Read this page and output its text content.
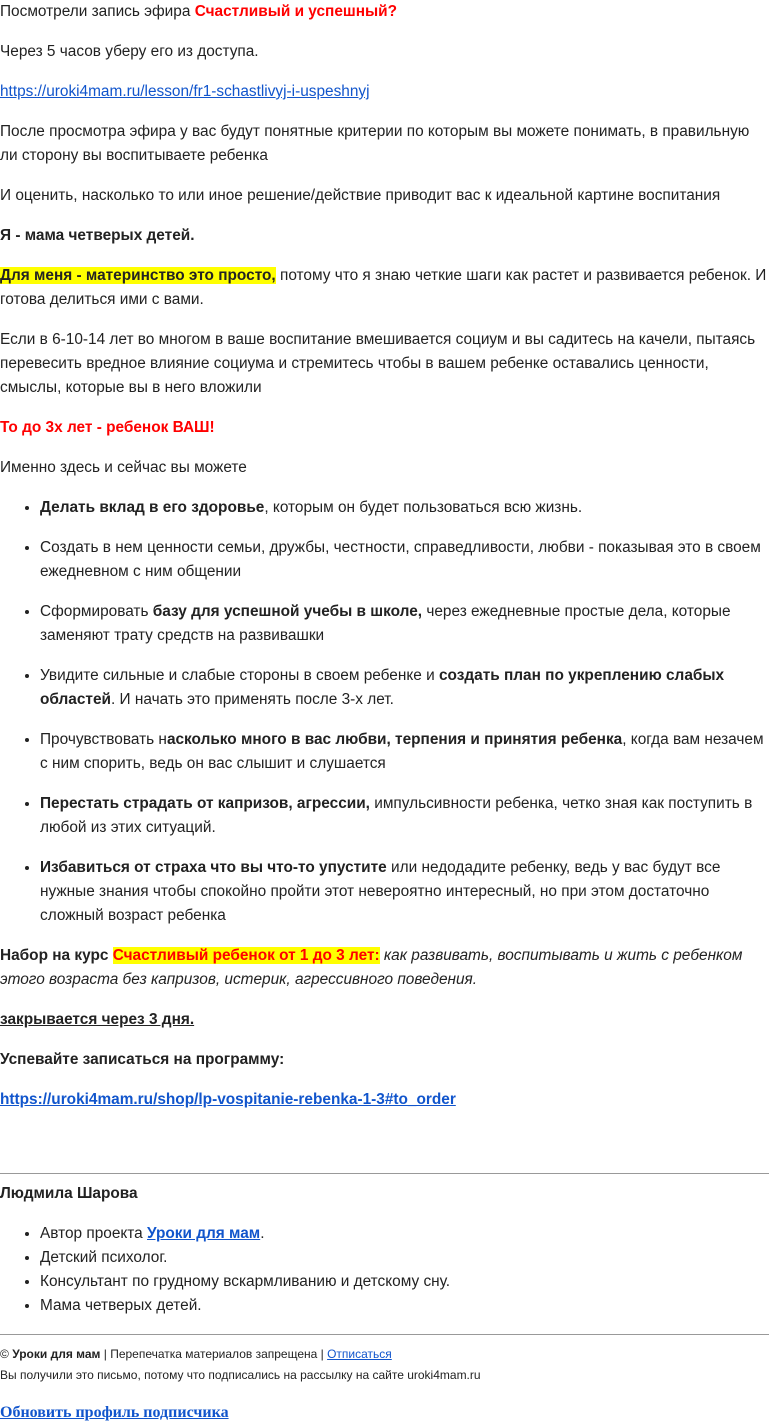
Посмотрели запись эфира Счастливый и успешный?

Через 5 часов уберу его из доступа.

https://uroki4mam.ru/lesson/fr1-schastlivyj-i-uspeshnyj

После просмотра эфира у вас будут понятные критерии по которым вы можете понимать, в правильную ли сторону вы воспитываете ребенка

И оценить, насколько то или иное решение/действие приводит вас к идеальной картине воспитания

Я - мама четверых детей.

Для меня - материнство это просто, потому что я знаю четкие шаги как растет и развивается ребенок. И готова делиться ими с вами.

Если в 6-10-14 лет во многом в ваше воспитание вмешивается социум и вы садитесь на качели, пытаясь перевесить вредное влияние социума и стремитесь чтобы в вашем ребенке оставались ценности, смыслы, которые вы в него вложили

То до 3х лет - ребенок ВАШ!

Именно здесь и сейчас вы можете

• Делать вклад в его здоровье, которым он будет пользоваться всю жизнь.
• Создать в нем ценности семьи, дружбы, честности, справедливости, любви - показывая это в своем ежедневном с ним общении
• Сформировать базу для успешной учебы в школе, через ежедневные простые дела, которые заменяют трату средств на развивашки
• Увидите сильные и слабые стороны в своем ребенке и создать план по укреплению слабых областей. И начать это применять после 3-х лет.
• Прочувствовать насколько много в вас любви, терпения и принятия ребенка, когда вам незачем с ним спорить, ведь он вас слышит и слушается
• Перестать страдать от капризов, агрессии, импульсивности ребенка, четко зная как поступить в любой из этих ситуаций.
• Избавиться от страха что вы что-то упустите или недодадите ребенку, ведь у вас будут все нужные знания чтобы спокойно пройти этот невероятно интересный, но при этом достаточно сложный возраст ребенка

Набор на курс Счастливый ребенок от 1 до 3 лет: как развивать, воспитывать и жить с ребенком этого возраста без капризов, истерик, агрессивного поведения.

закрывается через 3 дня.

Успевайте записаться на программу:

https://uroki4mam.ru/shop/lp-vospitanie-rebenka-1-3#to_order

Людмила Шарова

• Автор проекта Уроки для мам.
• Детский психолог.
• Консультант по грудному вскармливанию и детскому сну.
• Мама четверых детей.
© Уроки для мам | Перепечатка материалов запрещена | Отписаться
Вы получили это письмо, потому что подписались на рассылку на сайте uroki4mam.ru
Обновить профиль подписчика
